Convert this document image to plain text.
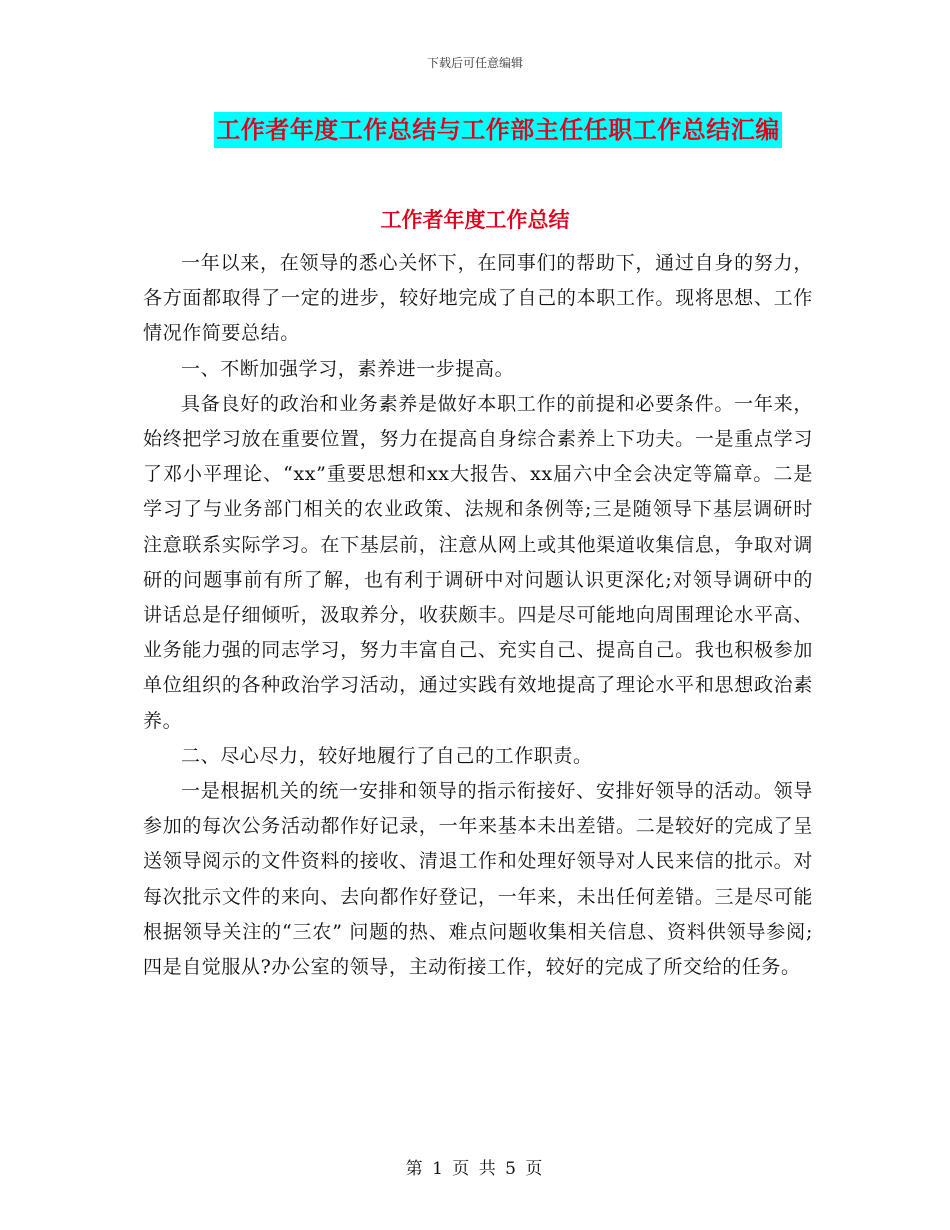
下载后可任意编辑
工作者年度工作总结与工作部主任任职工作总结汇编
工作者年度工作总结

一年以来，在领导的悉心关怀下，在同事们的帮助下，通过自身的努力，各方面都取得了一定的进步，较好地完成了自己的本职工作。现将思想、工作情况作简要总结。

一、不断加强学习，素养进一步提高。

具备良好的政治和业务素养是做好本职工作的前提和必要条件。一年来，始终把学习放在重要位置，努力在提高自身综合素养上下功夫。一是重点学习了邓小平理论、“xx”重要思想和xx大报告、xx届六中全会决定等篇章。二是学习了与业务部门相关的农业政策、法规和条例等;三是随领导下基层调研时注意联系实际学习。在下基层前，注意从网上或其他渠道收集信息，争取对调研的问题事前有所了解，也有利于调研中对问题认识更深化;对领导调研中的讲话总是仔细倾听，汲取养分，收获颇丰。四是尽可能地向周围理论水平高、业务能力强的同志学习，努力丰富自己、充实自己、提高自己。我也积极参加单位组织的各种政治学习活动，通过实践有效地提高了理论水平和思想政治素养。

二、尽心尽力，较好地履行了自己的工作职责。

一是根据机关的统一安排和领导的指示衔接好、安排好领导的活动。领导参加的每次公务活动都作好记录，一年来基本未出差错。二是较好的完成了呈送领导阅示的文件资料的接收、清退工作和处理好领导对人民来信的批示。对每次批示文件的来向、去向都作好登记，一年来，未出任何差错。三是尽可能根据领导关注的“三农” 问题的热、难点问题收集相关信息、资料供领导参阅;四是自觉服从?办公室的领导，主动衔接工作，较好的完成了所交给的任务。

第 1 页 共 5 页
